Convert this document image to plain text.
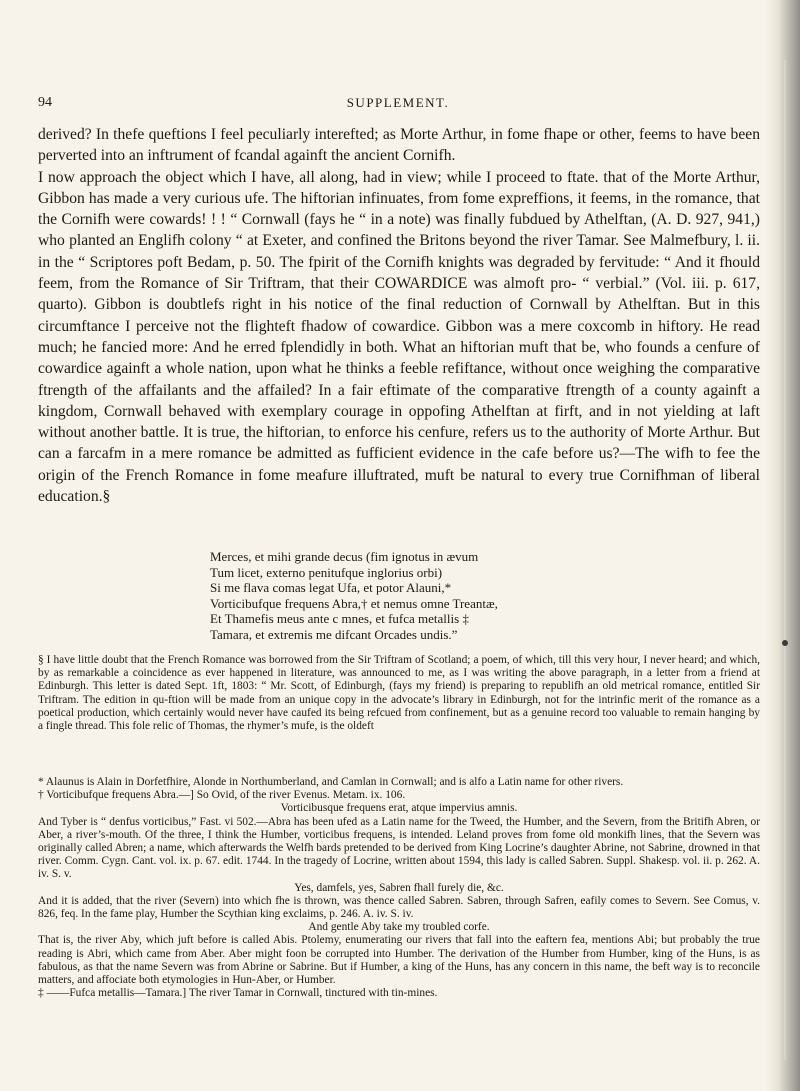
94	SUPPLEMENT.

derived? In thefe queftions I feel peculiarly interefted; as Morte Arthur, in fome fhape or other, feems to have been perverted into an inftrument of fcandal againft the ancient Cornifh.

I now approach the object which I have, all along, had in view; while I proceed to ftate. that of the Morte Arthur, Gibbon has made a very curious ufe. The hiftorian infinuates, from fome expreffions, it feems, in the romance, that the Cornifh were cowards! ! ! “ Cornwall (fays he “ in a note) was finally fubdued by Athelftan, (A. D. 927, 941,) who planted an Englifh colony “ at Exeter, and confined the Britons beyond the river Tamar. See Malmefbury, l. ii. in the “ Scriptores poft Bedam, p. 50. The fpirit of the Cornifh knights was degraded by fervitude: “ And it fhould feem, from the Romance of Sir Triftram, that their COWARDICE was almoft pro- “ verbial.” (Vol. iii. p. 617, quarto). Gibbon is doubtlefs right in his notice of the final reduction of Cornwall by Athelftan. But in this circumftance I perceive not the flighteft fhadow of cowardice. Gibbon was a mere coxcomb in hiftory. He read much; he fancied more: And he erred fplendidly in both. What an hiftorian muft that be, who founds a cenfure of cowardice againft a whole nation, upon what he thinks a feeble refiftance, without once weighing the comparative ftrength of the affailants and the affailed? In a fair eftimate of the comparative ftrength of a county againft a kingdom, Cornwall behaved with exemplary courage in oppofing Athelftan at firft, and in not yielding at laft without another battle. It is true, the hiftorian, to enforce his cenfure, refers us to the authority of Morte Arthur. But can a farcafm in a mere romance be admitted as fufficient evidence in the cafe before us?—The wifh to fee the origin of the French Romance in fome meafure illuftrated, muft be natural to every true Cornifhman of liberal education.§

Merces, et mihi grande decus (fim ignotus in ævum
Tum licet, externo penitufque inglorius orbi)
Si me flava comas legat Ufa, et potor Alauni,*
Vorticibufque frequens Abra,† et nemus omne Treantæ,
Et Thamefis meus ante c mnes, et fufca metallis ‡
Tamara, et extremis me difcant Orcades undis.”

§ I have little doubt that the French Romance was borrowed from the Sir Triftram of Scotland; a poem, of which, till this very hour, I never heard; and which, by as remarkable a coincidence as ever happened in literature, was announced to me, as I was writing the above paragraph, in a letter from a friend at Edinburgh. This letter is dated Sept. 1ft, 1803: “ Mr. Scott, of Edinburgh, (fays my friend) is preparing to republifh an old metrical romance, entitled Sir Triftram. The edition in qu-ftion will be made from an unique copy in the advocate’s library in Edinburgh, not for the intrinfic merit of the romance as a poetical production, which certainly would never have caufed its being refcued from confinement, but as a genuine record too valuable to remain hanging by a fingle thread. This fole relic of Thomas, the rhymer’s mufe, is the oldeft

* Alaunus is Alain in Dorfetfhire, Alonde in Northumberland, and Camlan in Cornwall; and is alfo a Latin name for other rivers.

† Vorticibufque frequens Abra.—] So Ovid, of the river Evenus. Metam. ix. 106.

Vorticibusque frequens erat, atque impervius amnis.

And Tyber is “ denfus vorticibus,” Fast. vi 502.—Abra has been ufed as a Latin name for the Tweed, the Humber, and the Severn, from the Britifh Abren, or Aber, a river’s-mouth. Of the three, I think the Humber, vorticibus frequens, is intended. Leland proves from fome old monkifh lines, that the Severn was originally called Abren; a name, which afterwards the Welfh bards pretended to be derived from King Locrine’s daughter Abrine, not Sabrine, drowned in that river. Comm. Cygn. Cant. vol. ix. p. 67. edit. 1744. In the tragedy of Locrine, written about 1594, this lady is called Sabren. Suppl. Shakesp. vol. ii. p. 262. A. iv. S. v.

Yes, damfels, yes, Sabren fhall furely die, &c.

And it is added, that the river (Severn) into which fhe is thrown, was thence called Sabren. Sabren, through Safren, eafily comes to Severn. See Comus, v. 826, feq. In the fame play, Humber the Scythian king exclaims, p. 246. A. iv. S. iv.

And gentle Aby take my troubled corfe.

That is, the river Aby, which juft before is called Abis. Ptolemy, enumerating our rivers that fall into the eaftern fea, mentions Abi; but probably the true reading is Abri, which came from Aber. Aber might foon be corrupted into Humber. The derivation of the Humber from Humber, king of the Huns, is as fabulous, as that the name Severn was from Abrine or Sabrine. But if Humber, a king of the Huns, has any concern in this name, the beft way is to reconcile matters, and affociate both etymologies in Hun-Aber, or Humber.

‡ ——Fufca metallis—Tamara.] The river Tamar in Cornwall, tinctured with tin-mines.
